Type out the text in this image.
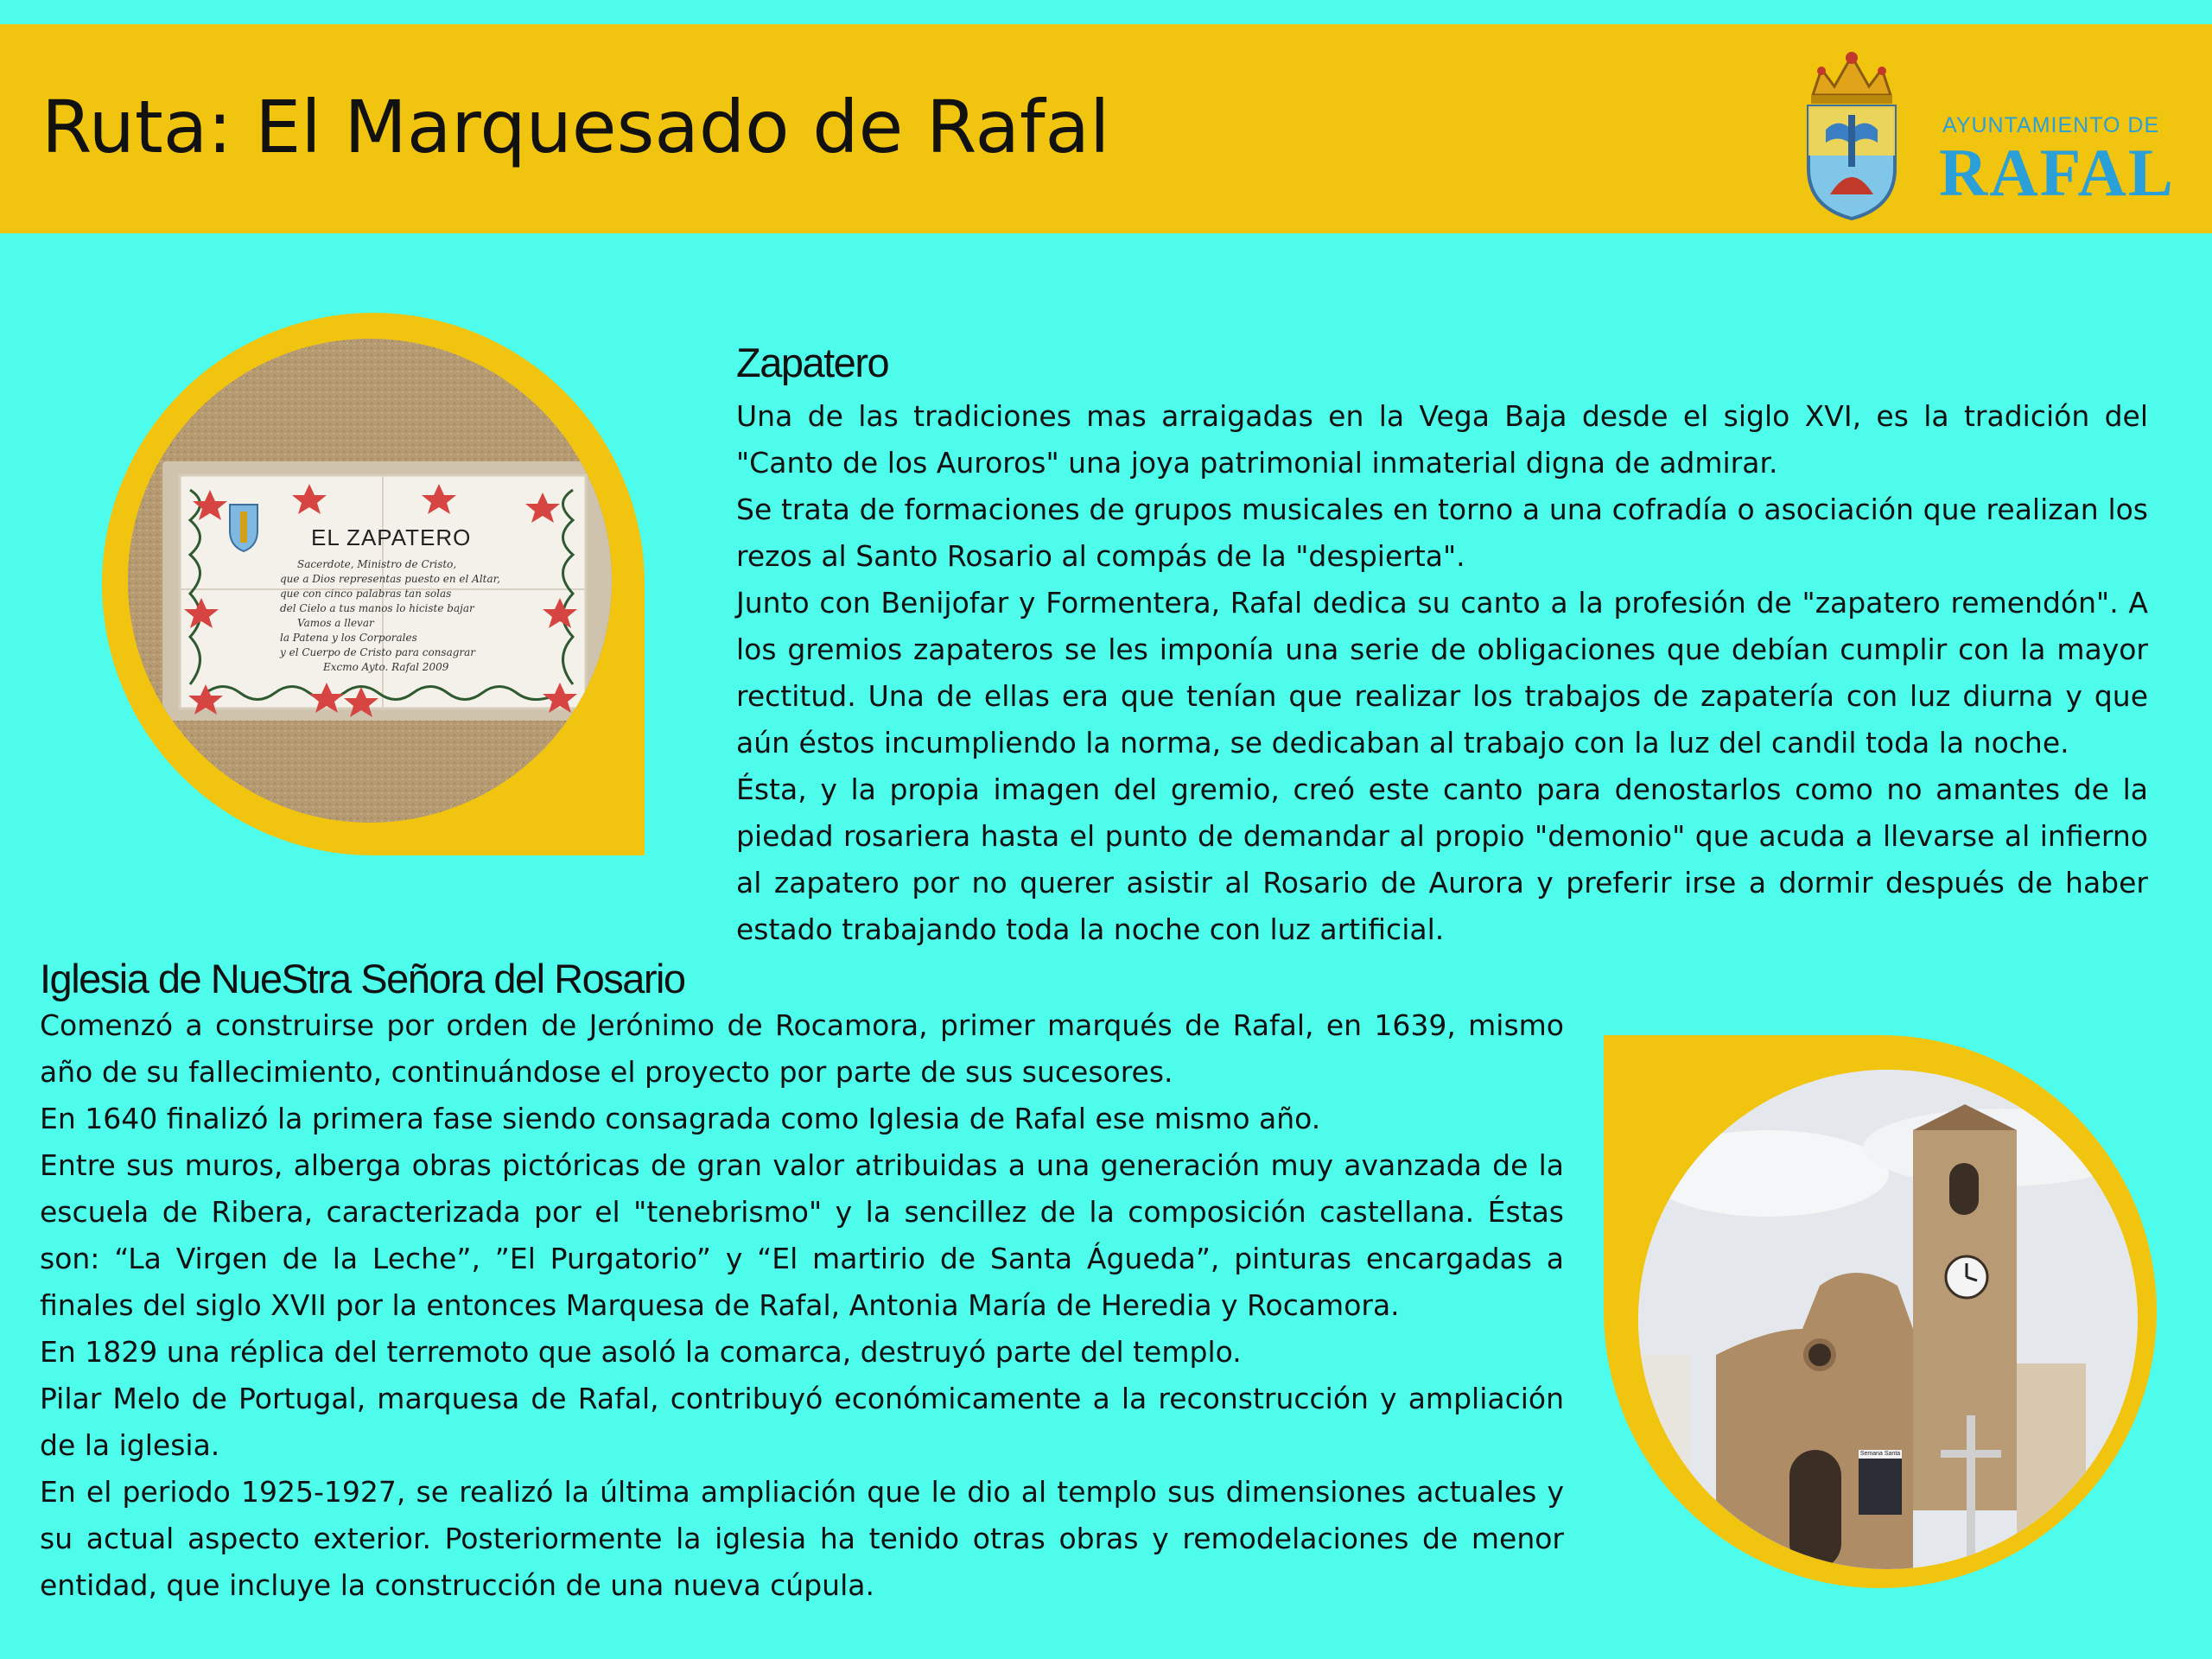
Ruta: El Marquesado de Rafal	AYUNTAMIENTO DE
RAFAL
EL ZAPATERO
Sacerdote, Ministro de Cristo,
que a Dios representas puesto en el Altar,
que con cinco palabras tan solas
del Cielo a tus manos lo hiciste bajar
Vamos a llevar
la Patena y los Corporales
y el Cuerpo de Cristo para consagrar
Excmo Ayto. Rafal 2009
Zapatero

Una de las tradiciones mas arraigadas en la Vega Baja desde el siglo XVI, es la tradición del "Canto de los Auroros" una joya patrimonial inmaterial digna de admirar.

Se trata de formaciones de grupos musicales en torno a una cofradía o asociación que realizan los rezos al Santo Rosario al compás de la "despierta".

Junto con Benijofar y Formentera, Rafal dedica su canto a la profesión de "zapatero remendón". A los gremios zapateros se les imponía una serie de obligaciones que debían cumplir con la mayor rectitud. Una de ellas era que tenían que realizar los trabajos de zapatería con luz diurna y que aún éstos incumpliendo la norma, se dedicaban al trabajo con la luz del candil toda la noche.

Ésta, y la propia imagen del gremio, creó este canto para denostarlos como no amantes de la piedad rosariera hasta el punto de demandar al propio "demonio" que acuda a llevarse al infierno al zapatero por no querer asistir al Rosario de Aurora y preferir irse a dormir después de haber estado trabajando toda la noche con luz artificial.

Iglesia de NueStra Señora del Rosario

Comenzó a construirse por orden de Jerónimo de Rocamora, primer marqués de Rafal, en 1639, mismo año de su fallecimiento, continuándose el proyecto por parte de sus sucesores.

En 1640 finalizó la primera fase siendo consagrada como Iglesia de Rafal ese mismo año.

Entre sus muros, alberga obras pictóricas de gran valor atribuidas a una generación muy avanzada de la escuela de Ribera, caracterizada por el "tenebrismo" y la sencillez de la composición castellana. Éstas son: “La Virgen de la Leche”, ”El Purgatorio” y “El martirio de Santa Águeda”, pinturas encargadas a finales del siglo XVII por la entonces Marquesa de Rafal, Antonia María de Heredia y Rocamora.

En 1829 una réplica del terremoto que asoló la comarca, destruyó parte del templo.

Pilar Melo de Portugal, marquesa de Rafal, contribuyó económicamente a la reconstrucción y ampliación de la iglesia.

En el periodo 1925-1927, se realizó la última ampliación que le dio al templo sus dimensiones actuales y su actual aspecto exterior. Posteriormente la iglesia ha tenido otras obras y remodelaciones de menor entidad, que incluye la construcción de una nueva cúpula.

Semana Santa
